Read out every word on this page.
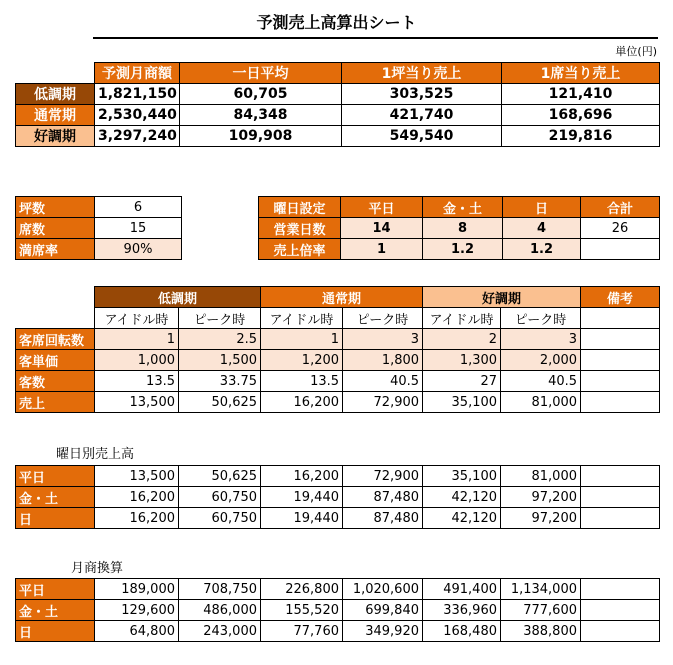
予測売上高算出シート
単位(円)
	予測月商額	一日平均	1坪当り売上	1席当り売上
低調期	1,821,150	60,705	303,525	121,410
通常期	2,530,440	84,348	421,740	168,696
好調期	3,297,240	109,908	549,540	219,816
坪数	6
席数	15
満席率	90%
曜日設定	平日	金・土	日	合計
営業日数	14	8	4	26
売上倍率	1	1.2	1.2	
	低調期		通常期		好調期		備考
	アイドル時	ピーク時	アイドル時	ピーク時	アイドル時	ピーク時	
客席回転数	1	2.5	1	3	2	3	
客単価	1,000	1,500	1,200	1,800	1,300	2,000	
客数	13.5	33.75	13.5	40.5	27	40.5	
売上	13,500	50,625	16,200	72,900	35,100	81,000	
曜日別売上高
平日	13,500	50,625	16,200	72,900	35,100	81,000	
金・土	16,200	60,750	19,440	87,480	42,120	97,200	
日	16,200	60,750	19,440	87,480	42,120	97,200	
月商換算
平日	189,000	708,750	226,800	1,020,600	491,400	1,134,000	
金・土	129,600	486,000	155,520	699,840	336,960	777,600	
日	64,800	243,000	77,760	349,920	168,480	388,800	
